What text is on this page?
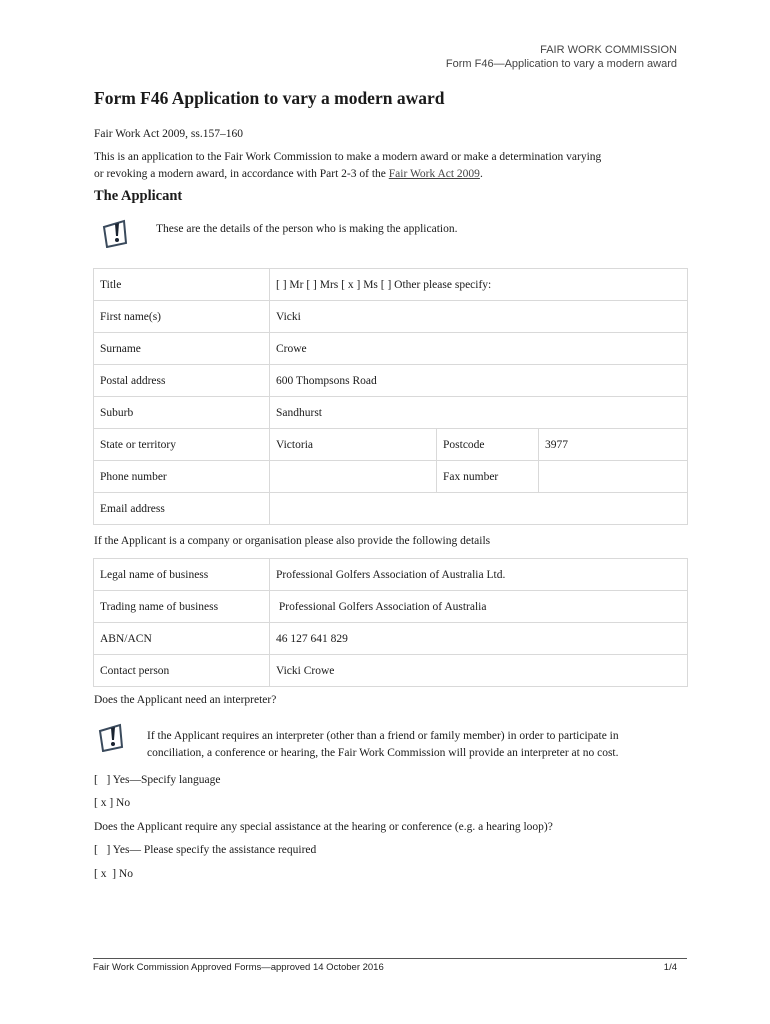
FAIR WORK COMMISSION
Form F46—Application to vary a modern award
Form F46 Application to vary a modern award
Fair Work Act 2009, ss.157–160
This is an application to the Fair Work Commission to make a modern award or make a determination varying
or revoking a modern award, in accordance with Part 2-3 of the Fair Work Act 2009.
The Applicant
These are the details of the person who is making the application.
Title	[ ] Mr [ ] Mrs [ x ] Ms [ ] Other please specify:		
First name(s)	Vicki		
Surname	Crowe		
Postal address	600 Thompsons Road		
Suburb	Sandhurst		
State or territory	Victoria	Postcode	3977
Phone number		Fax number	
Email address			
If the Applicant is a company or organisation please also provide the following details
Legal name of business	Professional Golfers Association of Australia Ltd.
Trading name of business	Professional Golfers Association of Australia
ABN/ACN	46 127 641 829
Contact person	Vicki Crowe
Does the Applicant need an interpreter?
If the Applicant requires an interpreter (other than a friend or family member) in order to participate in
conciliation, a conference or hearing, the Fair Work Commission will provide an interpreter at no cost.
[   ] Yes—Specify language
[ x ] No
Does the Applicant require any special assistance at the hearing or conference (e.g. a hearing loop)?
[   ] Yes— Please specify the assistance required
[ x  ] No
Fair Work Commission Approved Forms—approved 14 October 2016	1/4
